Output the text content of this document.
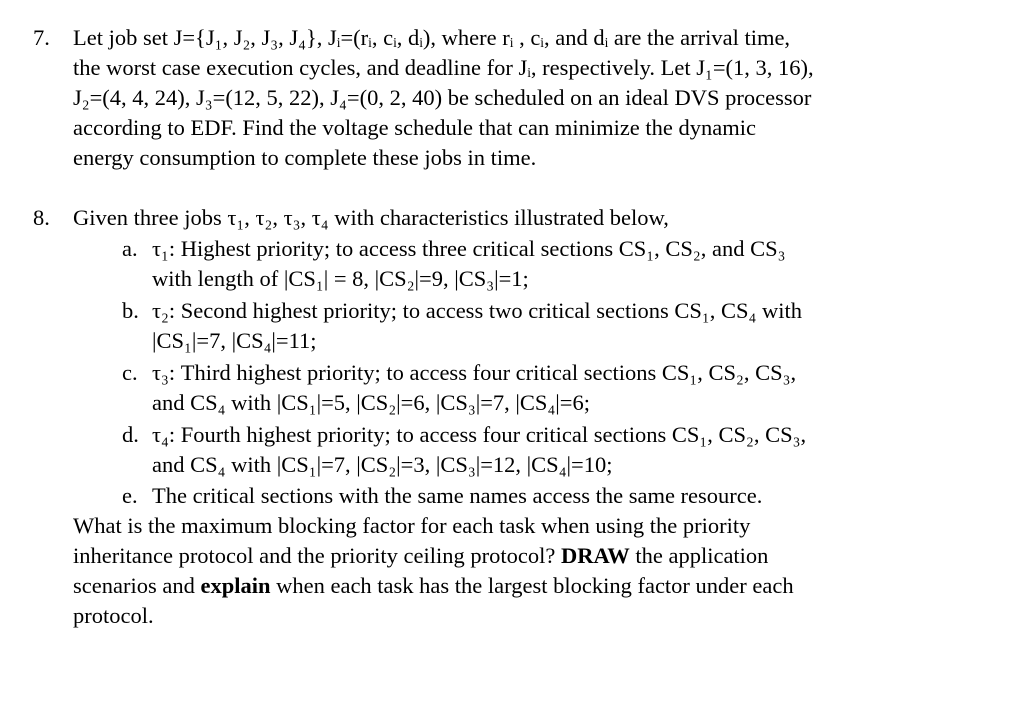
7. Let job set J={J₁, J₂, J₃, J₄}, Jᵢ=(rᵢ, cᵢ, dᵢ), where rᵢ , cᵢ, and dᵢ are the arrival time,
the worst case execution cycles, and deadline for Jᵢ, respectively. Let J₁=(1, 3, 16),
J₂=(4, 4, 24), J₃=(12, 5, 22), J₄=(0, 2, 40) be scheduled on an ideal DVS processor
according to EDF. Find the voltage schedule that can minimize the dynamic
energy consumption to complete these jobs in time.
8. Given three jobs τ₁, τ₂, τ₃, τ₄ with characteristics illustrated below,
a. τ₁: Highest priority; to access three critical sections CS₁, CS₂, and CS₃
with length of |CS₁| = 8, |CS₂|=9, |CS₃|=1;
b. τ₂: Second highest priority; to access two critical sections CS₁, CS₄ with
|CS₁|=7, |CS₄|=11;
c. τ₃: Third highest priority; to access four critical sections CS₁, CS₂, CS₃,
and CS₄ with |CS₁|=5, |CS₂|=6, |CS₃|=7, |CS₄|=6;
d. τ₄: Fourth highest priority; to access four critical sections CS₁, CS₂, CS₃,
and CS₄ with |CS₁|=7, |CS₂|=3, |CS₃|=12, |CS₄|=10;
e. The critical sections with the same names access the same resource.
What is the maximum blocking factor for each task when using the priority
inheritance protocol and the priority ceiling protocol? DRAW the application
scenarios and explain when each task has the largest blocking factor under each
protocol.
